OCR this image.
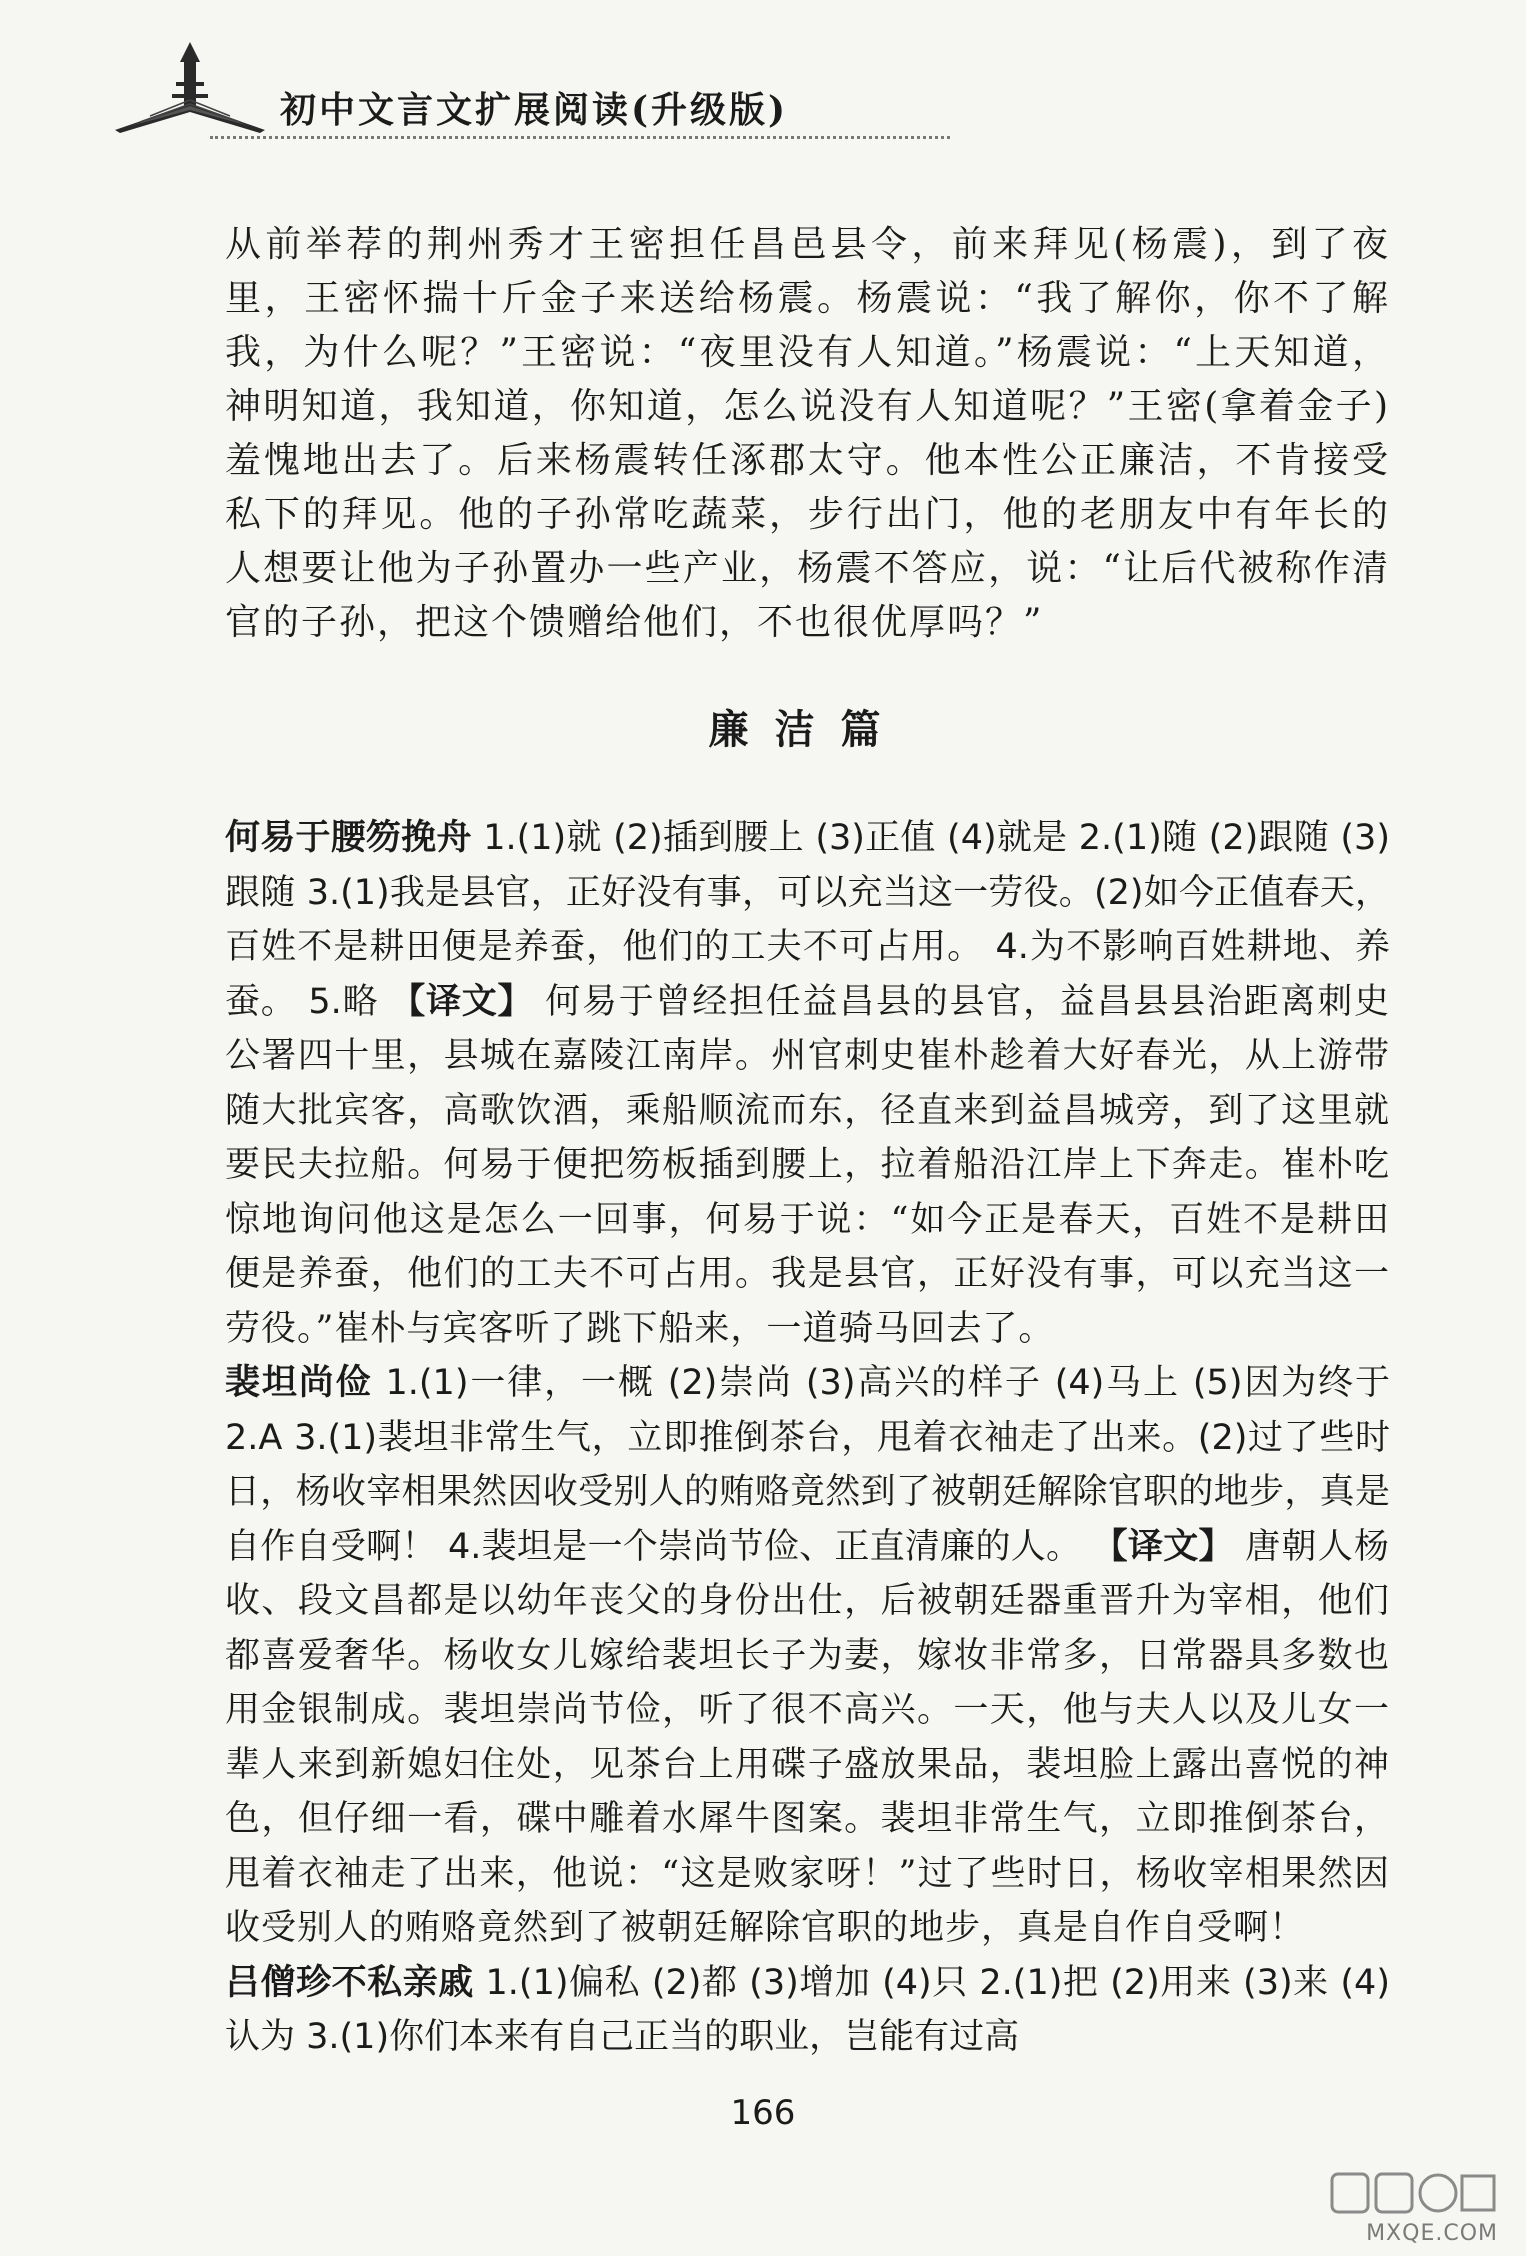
初中文言文扩展阅读(升级版)

从前举荐的荆州秀才王密担任昌邑县令，前来拜见(杨震)，到了夜里，王密怀揣十斤金子来送给杨震。杨震说：“我了解你，你不了解我，为什么呢？”王密说：“夜里没有人知道。”杨震说：“上天知道，神明知道，我知道，你知道，怎么说没有人知道呢？”王密(拿着金子)羞愧地出去了。后来杨震转任涿郡太守。他本性公正廉洁，不肯接受私下的拜见。他的子孙常吃蔬菜，步行出门，他的老朋友中有年长的人想要让他为子孙置办一些产业，杨震不答应，说：“让后代被称作清官的子孙，把这个馈赠给他们，不也很优厚吗？”

廉洁篇

何易于腰笏挽舟 1.(1)就 (2)插到腰上 (3)正值 (4)就是 2.(1)随 (2)跟随 (3)跟随 3.(1)我是县官，正好没有事，可以充当这一劳役。(2)如今正值春天，百姓不是耕田便是养蚕，他们的工夫不可占用。 4.为不影响百姓耕地、养蚕。 5.略 【译文】 何易于曾经担任益昌县的县官，益昌县县治距离刺史公署四十里，县城在嘉陵江南岸。州官刺史崔朴趁着大好春光，从上游带随大批宾客，高歌饮酒，乘船顺流而东，径直来到益昌城旁，到了这里就要民夫拉船。何易于便把笏板插到腰上，拉着船沿江岸上下奔走。崔朴吃惊地询问他这是怎么一回事，何易于说：“如今正是春天，百姓不是耕田便是养蚕，他们的工夫不可占用。我是县官，正好没有事，可以充当这一劳役。”崔朴与宾客听了跳下船来，一道骑马回去了。

裴坦尚俭 1.(1)一律，一概 (2)崇尚 (3)高兴的样子 (4)马上 (5)因为终于 2.A 3.(1)裴坦非常生气，立即推倒茶台，甩着衣袖走了出来。(2)过了些时日，杨收宰相果然因收受别人的贿赂竟然到了被朝廷解除官职的地步，真是自作自受啊！ 4.裴坦是一个崇尚节俭、正直清廉的人。 【译文】 唐朝人杨收、段文昌都是以幼年丧父的身份出仕，后被朝廷器重晋升为宰相，他们都喜爱奢华。杨收女儿嫁给裴坦长子为妻，嫁妆非常多，日常器具多数也用金银制成。裴坦崇尚节俭，听了很不高兴。一天，他与夫人以及儿女一辈人来到新媳妇住处，见茶台上用碟子盛放果品，裴坦脸上露出喜悦的神色，但仔细一看，碟中雕着水犀牛图案。裴坦非常生气，立即推倒茶台，甩着衣袖走了出来，他说：“这是败家呀！”过了些时日，杨收宰相果然因收受别人的贿赂竟然到了被朝廷解除官职的地步，真是自作自受啊！

吕僧珍不私亲戚 1.(1)偏私 (2)都 (3)增加 (4)只 2.(1)把 (2)用来 (3)来 (4)认为 3.(1)你们本来有自己正当的职业，岂能有过高

166
MXQE.COM
